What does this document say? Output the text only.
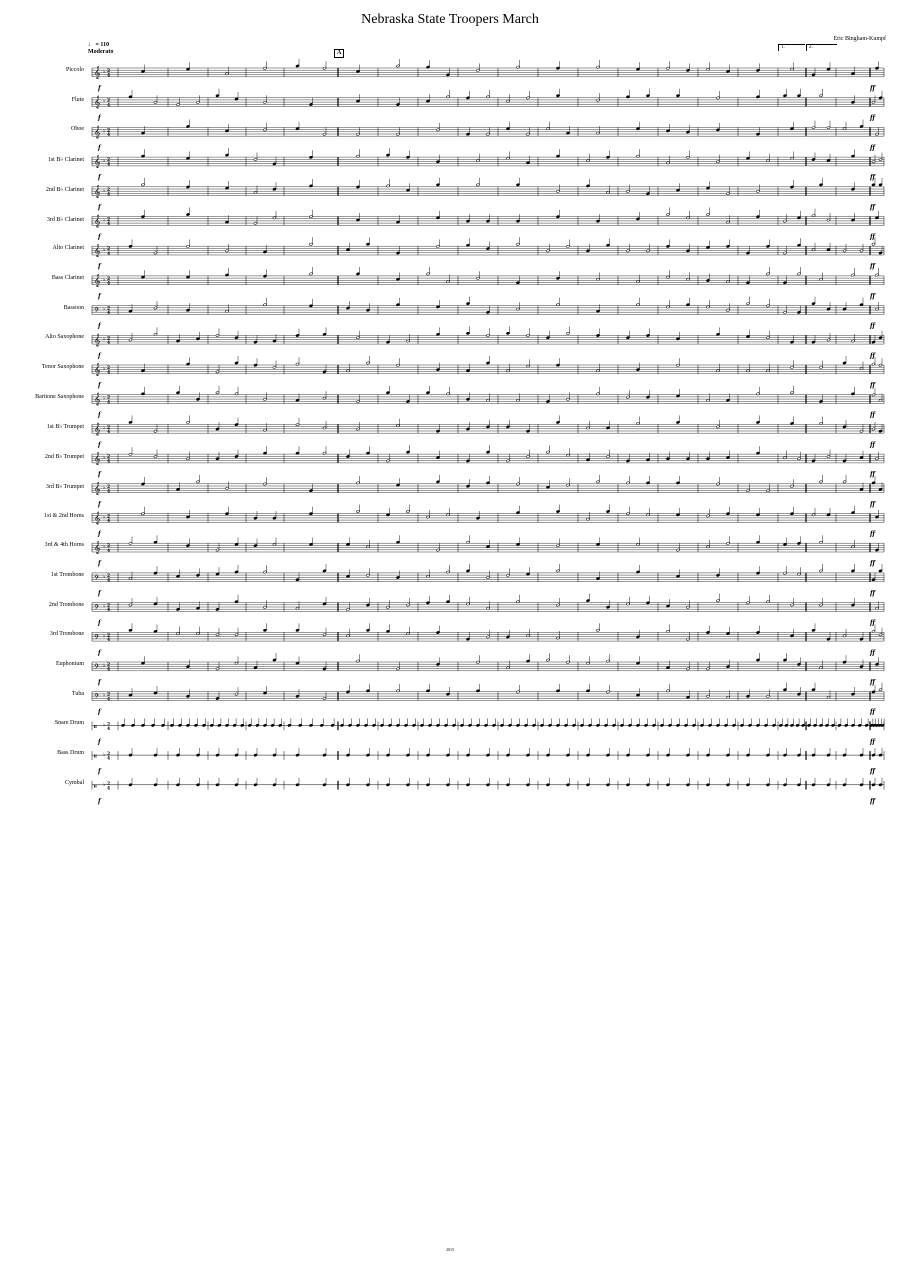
Nebraska State Troopers March
Eric Bingham-Kumpf
♩ = 110
Moderato	A
1.	2.
𝄞 ♭ 2
4
f	ff
𝄞 ♭ 2
4
f	ff
𝄞 ♭ 2
4
f	ff
𝄞 ♭ 2
4
f	ff
𝄞 ♭ 2
4
f	ff
𝄞 ♭ 2
4
f	ff
𝄞 ♭ 2
4
f	ff
𝄞 ♭ 2
4
f	ff
𝄢 ♭ 2
4
f	ff
𝄞 ♭ 2
4
f	ff
𝄞 ♭ 2
4
f	ff
𝄞 ♭ 2
4
f	ff
𝄞 ♭ 2
4
f	ff
𝄞 ♭ 2
4
f	ff
𝄞 ♭ 2
4
f	ff
𝄞 ♭ 2
4
f	ff
𝄞 ♭ 2
4
f	ff
𝄢 ♭ 2
4
f	ff
𝄢 ♭ 2
4
f	ff
𝄢 ♭ 2
4
f	ff
𝄢 ♭ 2
4
f	ff
𝄢 ♭ 2
4
f	ff
𝄥 ♭ 2
4
f	ff
𝄥 ♭ 2
4
f	ff
𝄥 ♭ 2
4
f	ff
Piccolo
Flute
Oboe
1st B♭ Clarinet
2nd B♭ Clarinet
3rd B♭ Clarinet
Alto Clarinet
Bass Clarinet
Bassoon
Alto Saxophone
Tenor Saxophone
Baritone Saxophone
1st B♭ Trumpet
2nd B♭ Trumpet
3rd B♭ Trumpet
1st & 2nd Horns
3rd & 4th Horns
1st Trombone
2nd Trombone
3rd Trombone
Euphonium
Tuba
Snare Drum
Bass Drum
Cymbal
2015
